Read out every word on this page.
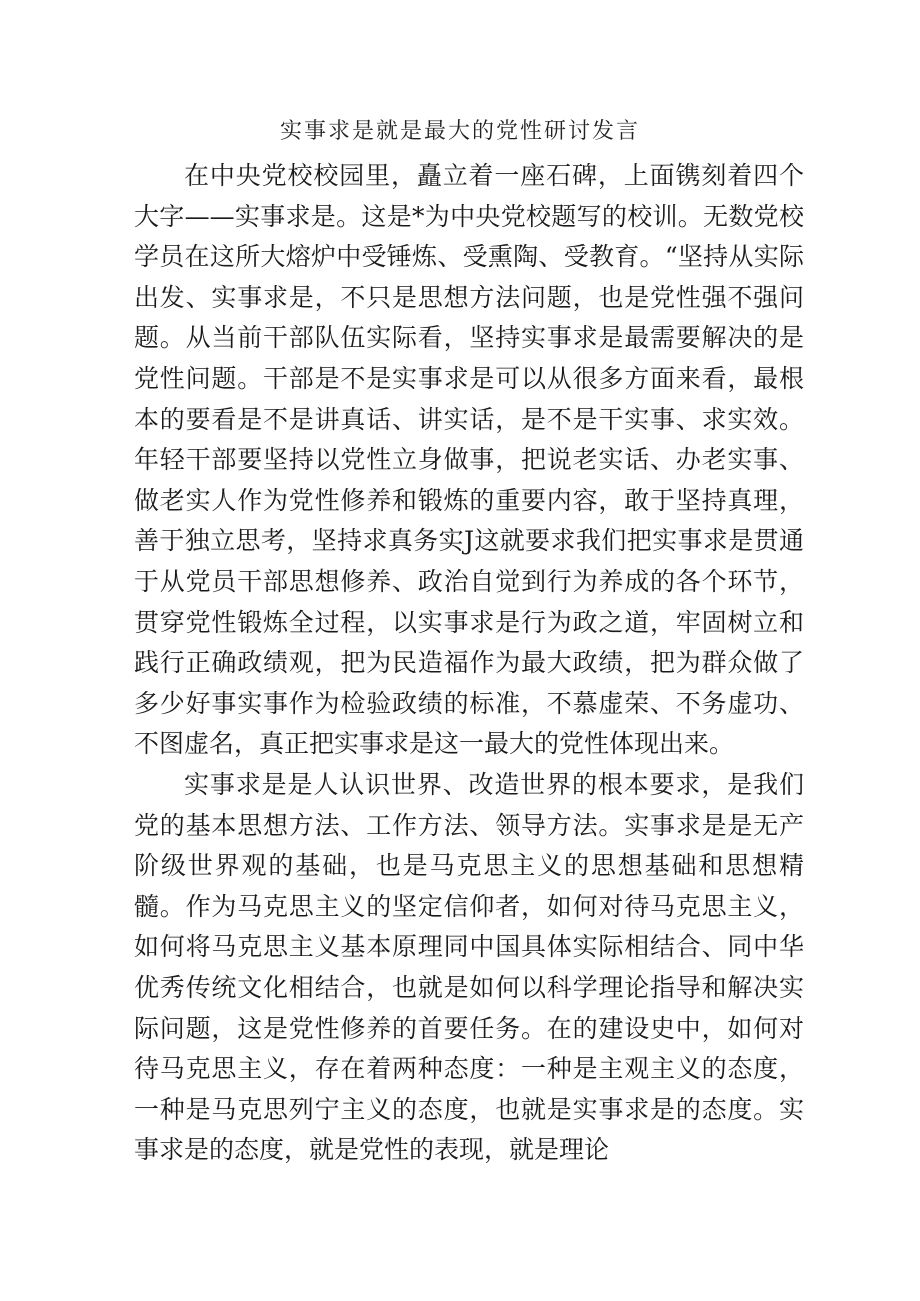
实事求是就是最大的党性研讨发言

在中央党校校园里，矗立着一座石碑，上面镌刻着四个大字——实事求是。这是*为中央党校题写的校训。无数党校学员在这所大熔炉中受锤炼、受熏陶、受教育。“坚持从实际出发、实事求是，不只是思想方法问题，也是党性强不强问题。从当前干部队伍实际看，坚持实事求是最需要解决的是党性问题。干部是不是实事求是可以从很多方面来看，最根本的要看是不是讲真话、讲实话，是不是干实事、求实效。年轻干部要坚持以党性立身做事，把说老实话、办老实事、做老实人作为党性修养和锻炼的重要内容，敢于坚持真理，善于独立思考，坚持求真务实J这就要求我们把实事求是贯通于从党员干部思想修养、政治自觉到行为养成的各个环节，贯穿党性锻炼全过程，以实事求是行为政之道，牢固树立和践行正确政绩观，把为民造福作为最大政绩，把为群众做了多少好事实事作为检验政绩的标准，不慕虚荣、不务虚功、不图虚名，真正把实事求是这一最大的党性体现出来。

实事求是是人认识世界、改造世界的根本要求，是我们党的基本思想方法、工作方法、领导方法。实事求是是无产阶级世界观的基础，也是马克思主义的思想基础和思想精髓。作为马克思主义的坚定信仰者，如何对待马克思主义，如何将马克思主义基本原理同中国具体实际相结合、同中华优秀传统文化相结合，也就是如何以科学理论指导和解决实际问题，这是党性修养的首要任务。在的建设史中，如何对待马克思主义，存在着两种态度：一种是主观主义的态度，一种是马克思列宁主义的态度，也就是实事求是的态度。实事求是的态度，就是党性的表现，就是理论
